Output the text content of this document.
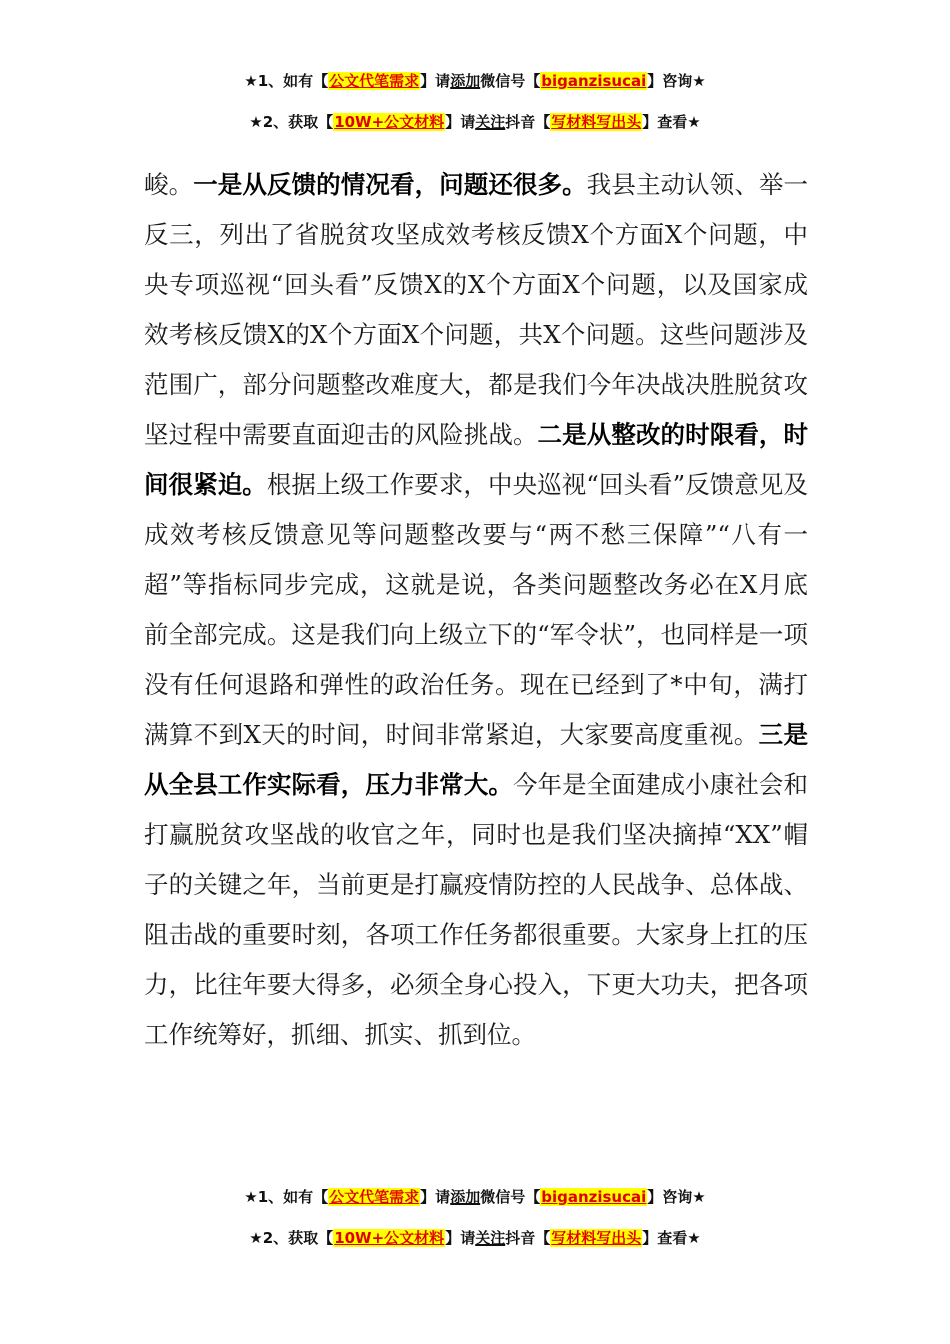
★1、如有【公文代笔需求】请添加微信号【biganzisucai】咨询★
★2、获取【10W+公文材料】请关注抖音【写材料写出头】查看★
峻。一是从反馈的情况看，问题还很多。我县主动认领、举一反三，列出了省脱贫攻坚成效考核反馈X个方面X个问题，中央专项巡视“回头看”反馈X的X个方面X个问题，以及国家成效考核反馈X的X个方面X个问题，共X个问题。这些问题涉及范围广，部分问题整改难度大，都是我们今年决战决胜脱贫攻坚过程中需要直面迎击的风险挑战。二是从整改的时限看，时间很紧迫。根据上级工作要求，中央巡视“回头看”反馈意见及成效考核反馈意见等问题整改要与“两不愁三保障”“八有一超”等指标同步完成，这就是说，各类问题整改务必在X月底前全部完成。这是我们向上级立下的“军令状”，也同样是一项没有任何退路和弹性的政治任务。现在已经到了*中旬，满打满算不到X天的时间，时间非常紧迫，大家要高度重视。三是从全县工作实际看，压力非常大。今年是全面建成小康社会和打赢脱贫攻坚战的收官之年，同时也是我们坚决摘掉“XX”帽子的关键之年，当前更是打赢疫情防控的人民战争、总体战、阻击战的重要时刻，各项工作任务都很重要。大家身上扛的压力，比往年要大得多，必须全身心投入，下更大功夫，把各项工作统筹好，抓细、抓实、抓到位。
★1、如有【公文代笔需求】请添加微信号【biganzisucai】咨询★
★2、获取【10W+公文材料】请关注抖音【写材料写出头】查看★
